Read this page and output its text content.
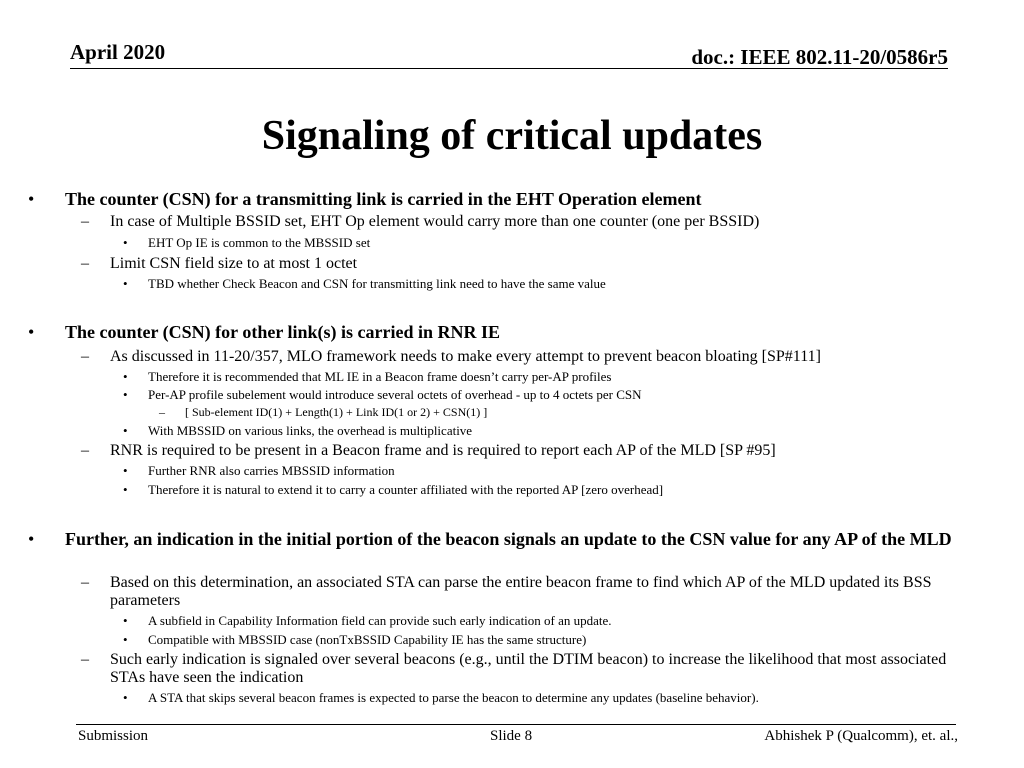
April 2020	doc.: IEEE 802.11-20/0586r5
Signaling of critical updates
• The counter (CSN) for a transmitting link is carried in the EHT Operation element
– In case of Multiple BSSID set, EHT Op element would carry more than one counter (one per BSSID)
• EHT Op IE is common to the MBSSID set
– Limit CSN field size to at most 1 octet
• TBD whether Check Beacon and CSN for transmitting link need to have the same value
• The counter (CSN) for other link(s) is carried in RNR IE
– As discussed in 11-20/357, MLO framework needs to make every attempt to prevent beacon bloating [SP#111]
• Therefore it is recommended that ML IE in a Beacon frame doesn’t carry per-AP profiles
• Per-AP profile subelement would introduce several octets of overhead - up to 4 octets per CSN
– [ Sub-element ID(1) + Length(1) + Link ID(1 or 2) + CSN(1) ]
• With MBSSID on various links, the overhead is multiplicative
– RNR is required to be present in a Beacon frame and is required to report each AP of the MLD [SP #95]
• Further RNR also carries MBSSID information
• Therefore it is natural to extend it to carry a counter affiliated with the reported AP [zero overhead]
• Further, an indication in the initial portion of the beacon signals an update to the CSN value for any AP of the MLD
– Based on this determination, an associated STA can parse the entire beacon frame to find which AP of the MLD updated its BSS parameters
• A subfield in Capability Information field can provide such early indication of an update.
• Compatible with MBSSID case (nonTxBSSID Capability IE has the same structure)
– Such early indication is signaled over several beacons (e.g., until the DTIM beacon) to increase the likelihood that most associated STAs have seen the indication
• A STA that skips several beacon frames is expected to parse the beacon to determine any updates (baseline behavior).
Submission	Slide 8	Abhishek P (Qualcomm), et. al.,
